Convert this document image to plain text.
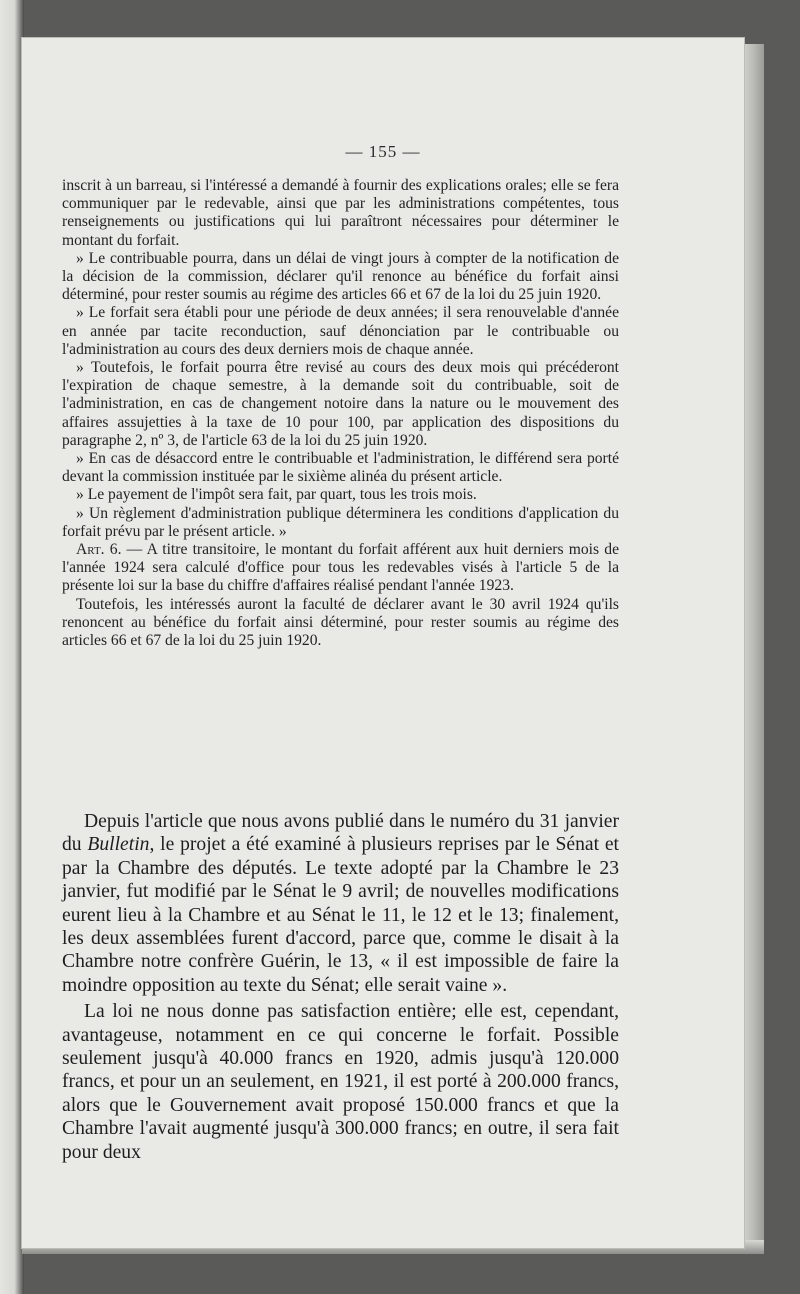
— 155 —

inscrit à un barreau, si l'intéressé a demandé à fournir des explications orales; elle se fera communiquer par le redevable, ainsi que par les administrations compétentes, tous renseignements ou justifications qui lui paraîtront nécessaires pour déterminer le montant du forfait.

» Le contribuable pourra, dans un délai de vingt jours à compter de la notification de la décision de la commission, déclarer qu'il renonce au bénéfice du forfait ainsi déterminé, pour rester soumis au régime des articles 66 et 67 de la loi du 25 juin 1920.

» Le forfait sera établi pour une période de deux années; il sera renouvelable d'année en année par tacite reconduction, sauf dénonciation par le contribuable ou l'administration au cours des deux derniers mois de chaque année.

» Toutefois, le forfait pourra être revisé au cours des deux mois qui précéderont l'expiration de chaque semestre, à la demande soit du contribuable, soit de l'administration, en cas de changement notoire dans la nature ou le mouvement des affaires assujetties à la taxe de 10 pour 100, par application des dispositions du paragraphe 2, nº 3, de l'article 63 de la loi du 25 juin 1920.

» En cas de désaccord entre le contribuable et l'administration, le différend sera porté devant la commission instituée par le sixième alinéa du présent article.

» Le payement de l'impôt sera fait, par quart, tous les trois mois.

» Un règlement d'administration publique déterminera les conditions d'application du forfait prévu par le présent article. »

Art. 6. — A titre transitoire, le montant du forfait afférent aux huit derniers mois de l'année 1924 sera calculé d'office pour tous les redevables visés à l'article 5 de la présente loi sur la base du chiffre d'affaires réalisé pendant l'année 1923.

Toutefois, les intéressés auront la faculté de déclarer avant le 30 avril 1924 qu'ils renoncent au bénéfice du forfait ainsi déterminé, pour rester soumis au régime des articles 66 et 67 de la loi du 25 juin 1920.

Depuis l'article que nous avons publié dans le numéro du 31 janvier du Bulletin, le projet a été examiné à plusieurs reprises par le Sénat et par la Chambre des députés. Le texte adopté par la Chambre le 23 janvier, fut modifié par le Sénat le 9 avril; de nouvelles modifications eurent lieu à la Chambre et au Sénat le 11, le 12 et le 13; finalement, les deux assemblées furent d'accord, parce que, comme le disait à la Chambre notre confrère Guérin, le 13, « il est impossible de faire la moindre opposition au texte du Sénat; elle serait vaine ».

La loi ne nous donne pas satisfaction entière; elle est, cependant, avantageuse, notamment en ce qui concerne le forfait. Possible seulement jusqu'à 40.000 francs en 1920, admis jusqu'à 120.000 francs, et pour un an seulement, en 1921, il est porté à 200.000 francs, alors que le Gouvernement avait proposé 150.000 francs et que la Chambre l'avait augmenté jusqu'à 300.000 francs; en outre, il sera fait pour deux
